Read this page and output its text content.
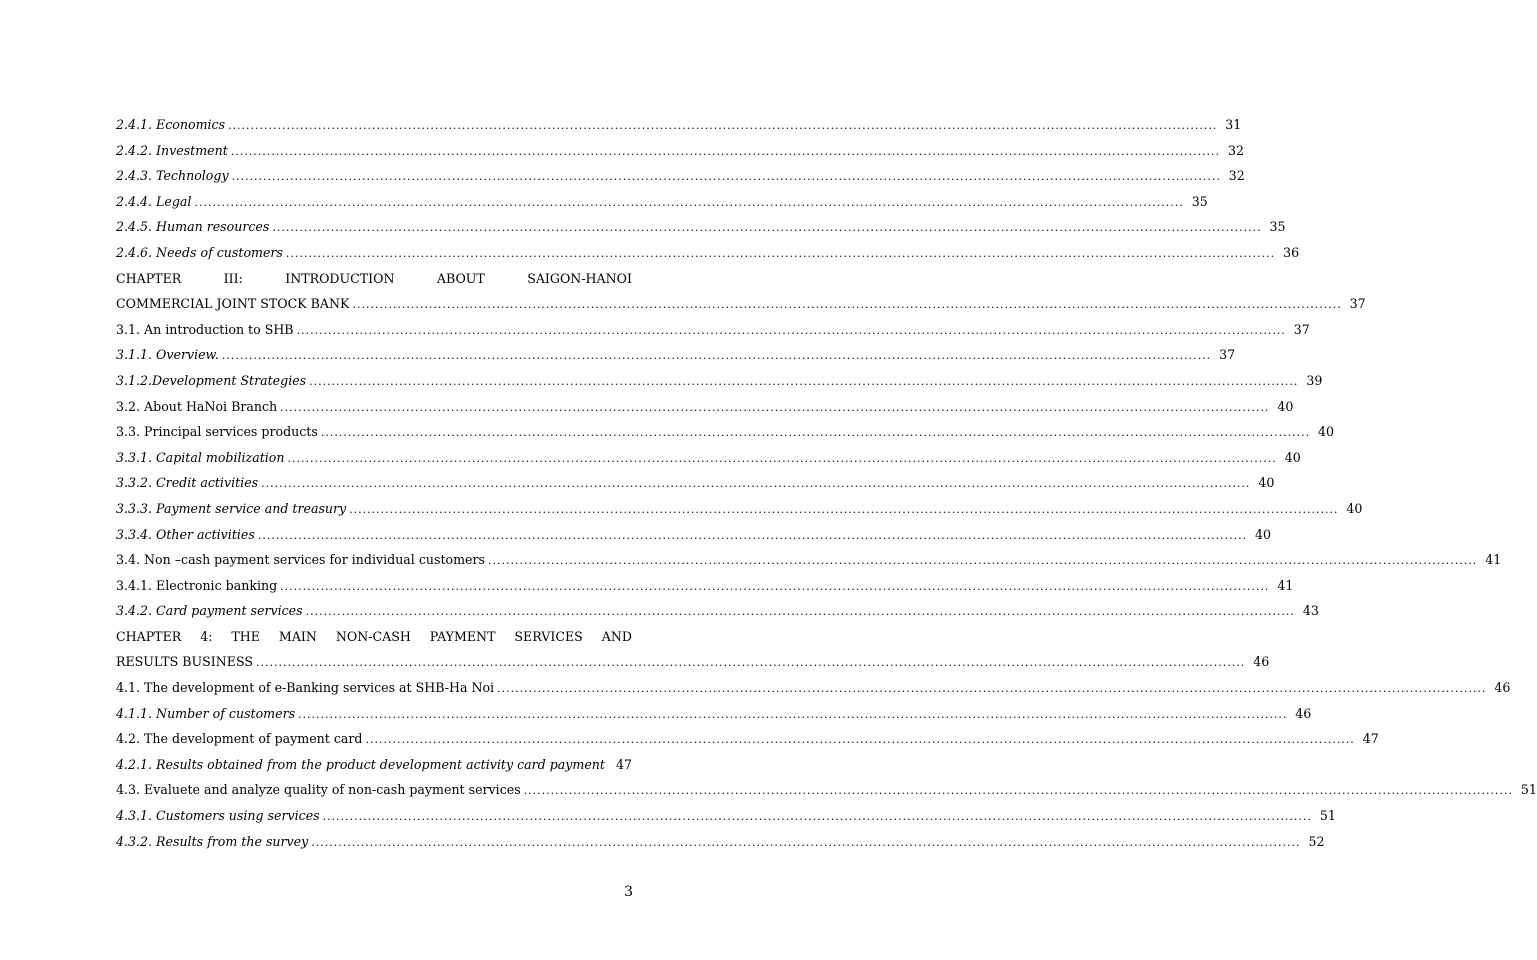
2.4.1. Economics ............................................................................................................................................................................................................................ 31
2.4.2. Investment ............................................................................................................................................................................................................................ 32
2.4.3. Technology ............................................................................................................................................................................................................................ 32
2.4.4. Legal ............................................................................................................................................................................................................................ 35
2.4.5. Human resources ............................................................................................................................................................................................................................ 35
2.4.6. Needs of customers ............................................................................................................................................................................................................................ 36
CHAPTER	III:	INTRODUCTION	ABOUT	SAIGON-HANOI
COMMERCIAL JOINT STOCK BANK ............................................................................................................................................................................................................................ 37
3.1. An introduction to SHB ............................................................................................................................................................................................................................ 37
3.1.1. Overview. ............................................................................................................................................................................................................................ 37
3.1.2.Development Strategies ............................................................................................................................................................................................................................ 39
3.2. About HaNoi Branch ............................................................................................................................................................................................................................ 40
3.3. Principal services products ............................................................................................................................................................................................................................ 40
3.3.1. Capital mobilization ............................................................................................................................................................................................................................ 40
3.3.2. Credit activities ............................................................................................................................................................................................................................ 40
3.3.3. Payment service and treasury ............................................................................................................................................................................................................................ 40
3.3.4. Other activities ............................................................................................................................................................................................................................ 40
3.4. Non –cash payment services for individual customers ............................................................................................................................................................................................................................ 41
3.4.1. Electronic banking ............................................................................................................................................................................................................................ 41
3.4.2. Card payment services ............................................................................................................................................................................................................................ 43
CHAPTER 4: THE MAIN NON-CASH PAYMENT SERVICES AND
RESULTS BUSINESS ............................................................................................................................................................................................................................ 46
4.1. The development of e-Banking services at SHB-Ha Noi ............................................................................................................................................................................................................................ 46
4.1.1. Number of customers ............................................................................................................................................................................................................................ 46
4.2. The development of payment card ............................................................................................................................................................................................................................ 47
4.2.1. Results obtained from the product development activity card payment 47
4.3. Evaluete and analyze quality of non-cash payment services ............................................................................................................................................................................................................................ 51
4.3.1. Customers using services ............................................................................................................................................................................................................................ 51
4.3.2. Results from the survey ............................................................................................................................................................................................................................ 52
3
